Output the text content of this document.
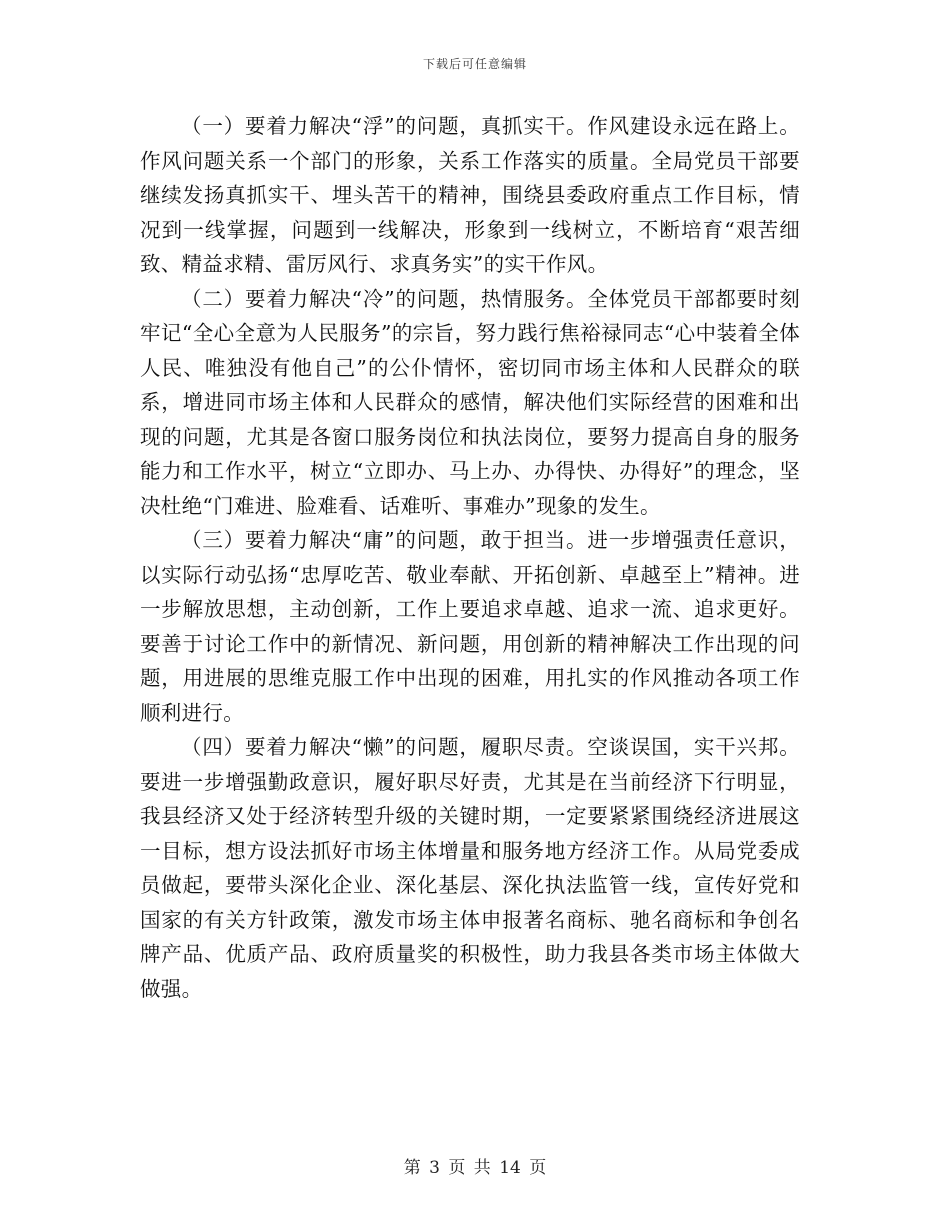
下载后可任意编辑

（一）要着力解决“浮”的问题，真抓实干。作风建设永远在路上。作风问题关系一个部门的形象，关系工作落实的质量。全局党员干部要继续发扬真抓实干、埋头苦干的精神，围绕县委政府重点工作目标，情况到一线掌握，问题到一线解决，形象到一线树立，不断培育“艰苦细致、精益求精、雷厉风行、求真务实”的实干作风。

（二）要着力解决“冷”的问题，热情服务。全体党员干部都要时刻牢记“全心全意为人民服务”的宗旨，努力践行焦裕禄同志“心中装着全体人民、唯独没有他自己”的公仆情怀，密切同市场主体和人民群众的联系，增进同市场主体和人民群众的感情，解决他们实际经营的困难和出现的问题，尤其是各窗口服务岗位和执法岗位，要努力提高自身的服务能力和工作水平，树立“立即办、马上办、办得快、办得好”的理念，坚决杜绝“门难进、脸难看、话难听、事难办”现象的发生。

（三）要着力解决“庸”的问题，敢于担当。进一步增强责任意识，以实际行动弘扬“忠厚吃苦、敬业奉献、开拓创新、卓越至上”精神。进一步解放思想，主动创新，工作上要追求卓越、追求一流、追求更好。要善于讨论工作中的新情况、新问题，用创新的精神解决工作出现的问题，用进展的思维克服工作中出现的困难，用扎实的作风推动各项工作顺利进行。

（四）要着力解决“懒”的问题，履职尽责。空谈误国，实干兴邦。要进一步增强勤政意识，履好职尽好责，尤其是在当前经济下行明显，我县经济又处于经济转型升级的关键时期，一定要紧紧围绕经济进展这一目标，想方设法抓好市场主体增量和服务地方经济工作。从局党委成员做起，要带头深化企业、深化基层、深化执法监管一线，宣传好党和国家的有关方针政策，激发市场主体申报著名商标、驰名商标和争创名牌产品、优质产品、政府质量奖的积极性，助力我县各类市场主体做大做强。

第 3 页 共 14 页
